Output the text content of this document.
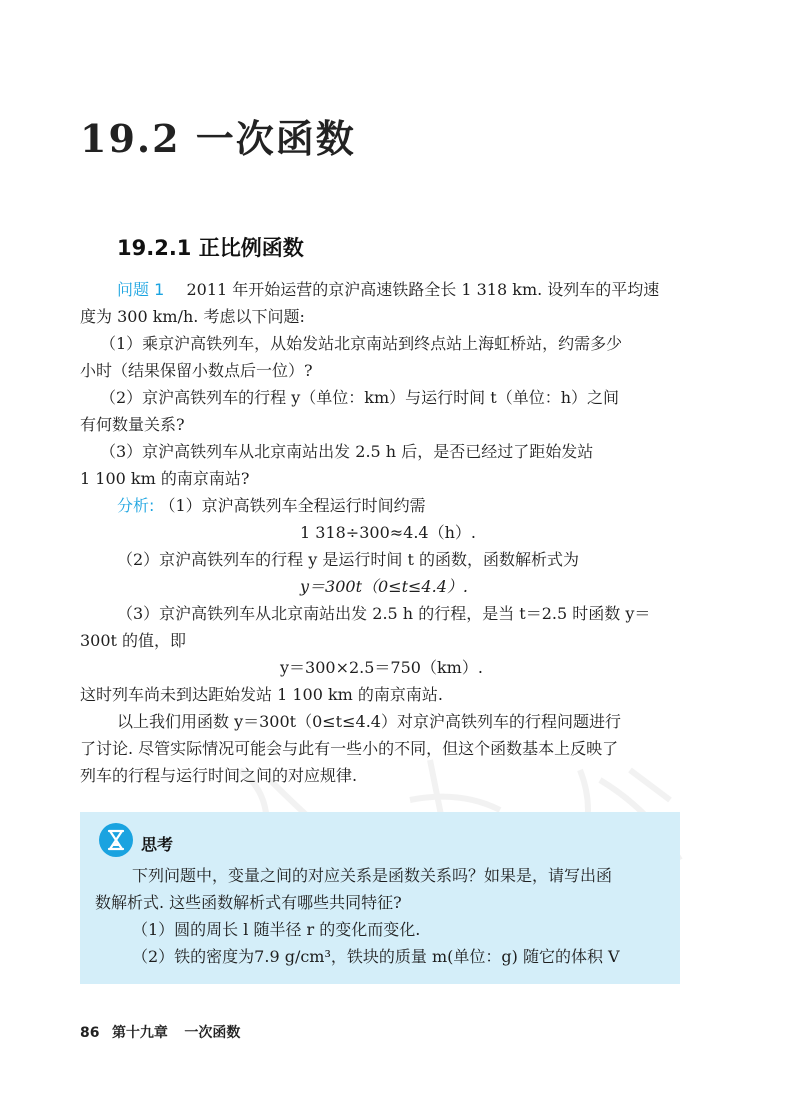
19.2 一次函数
19.2.1 正比例函数
问题 1 2011 年开始运营的京沪高速铁路全长 1 318 km. 设列车的平均速
度为 300 km/h. 考虑以下问题:
（1）乘京沪高铁列车，从始发站北京南站到终点站上海虹桥站，约需多少
小时（结果保留小数点后一位）?
（2）京沪高铁列车的行程 y（单位：km）与运行时间 t（单位：h）之间
有何数量关系?
（3）京沪高铁列车从北京南站出发 2.5 h 后，是否已经过了距始发站
1 100 km 的南京南站?
分析: （1）京沪高铁列车全程运行时间约需
1 318÷300≈4.4（h）.
（2）京沪高铁列车的行程 y 是运行时间 t 的函数，函数解析式为
y＝300t（0≤t≤4.4）.
（3）京沪高铁列车从北京南站出发 2.5 h 的行程，是当 t＝2.5 时函数 y＝
300t 的值，即
y＝300×2.5＝750（km）.
这时列车尚未到达距始发站 1 100 km 的南京南站.
以上我们用函数 y＝300t（0≤t≤4.4）对京沪高铁列车的行程问题进行
了讨论. 尽管实际情况可能会与此有一些小的不同，但这个函数基本上反映了
列车的行程与运行时间之间的对应规律.
思考
下列问题中，变量之间的对应关系是函数关系吗？如果是，请写出函
数解析式. 这些函数解析式有哪些共同特征?
（1）圆的周长 l 随半径 r 的变化而变化.
（2）铁的密度为7.9 g/cm³，铁块的质量 m(单位：g) 随它的体积 V
86 第十九章 一次函数
